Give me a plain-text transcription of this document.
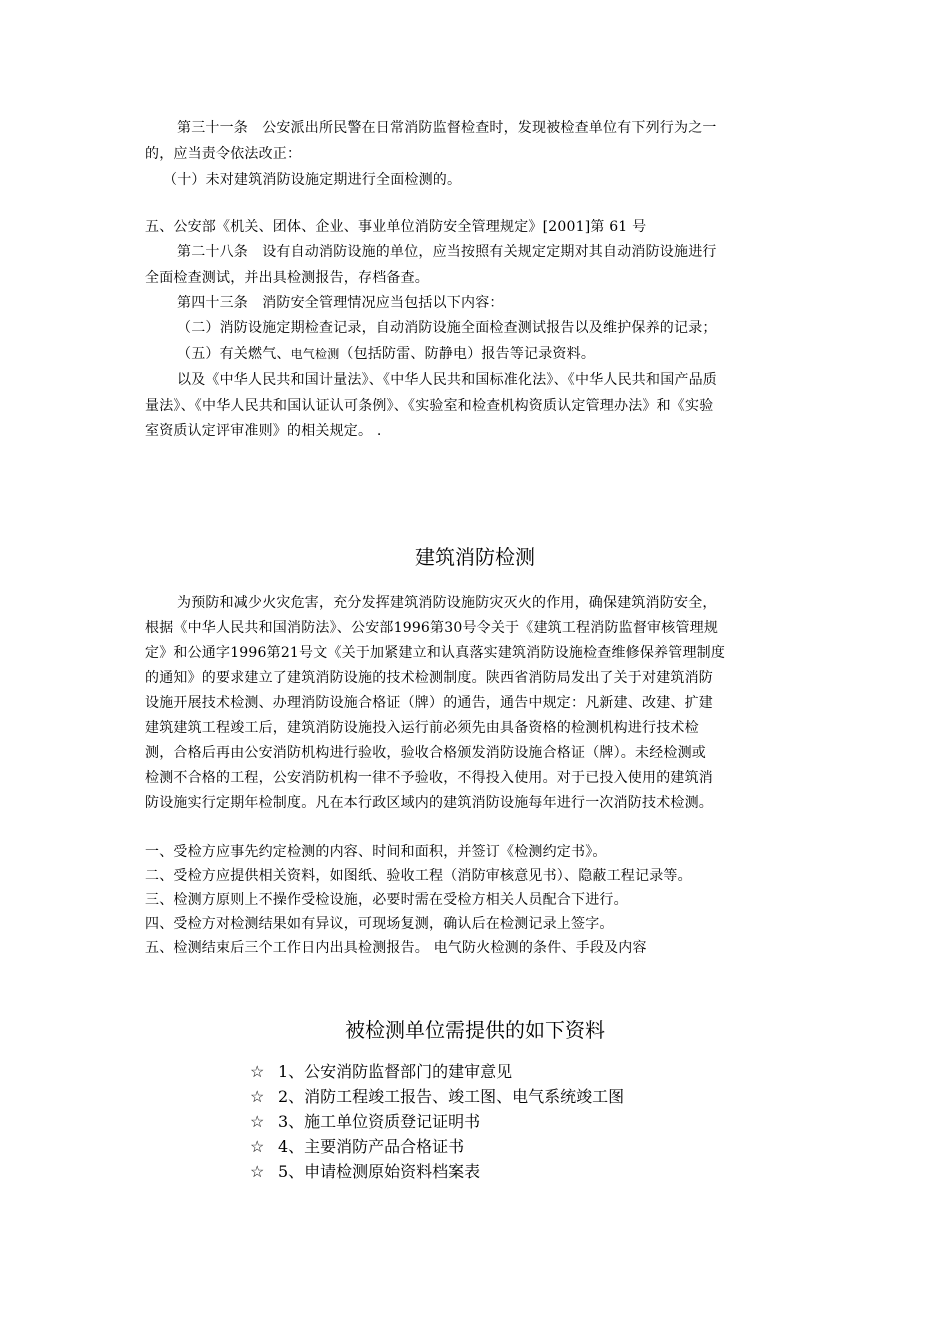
第三十一条　公安派出所民警在日常消防监督检查时，发现被检查单位有下列行为之一
的，应当责令依法改正：
（十）未对建筑消防设施定期进行全面检测的。
五、公安部《机关、团体、企业、事业单位消防安全管理规定》[2001]第 61 号
第二十八条　设有自动消防设施的单位，应当按照有关规定定期对其自动消防设施进行
全面检查测试，并出具检测报告，存档备查。
第四十三条　消防安全管理情况应当包括以下内容：
（二）消防设施定期检查记录，自动消防设施全面检查测试报告以及维护保养的记录；
（五）有关燃气、电气检测（包括防雷、防静电）报告等记录资料。
以及《中华人民共和国计量法》、《中华人民共和国标准化法》、《中华人民共和国产品质
量法》、《中华人民共和国认证认可条例》、《实验室和检查机构资质认定管理办法》和《实验
室资质认定评审准则》的相关规定。 .
建筑消防检测
为预防和减少火灾危害，充分发挥建筑消防设施防灾灭火的作用，确保建筑消防安全，
根据《中华人民共和国消防法》、公安部1996第30号令关于《建筑工程消防监督审核管理规
定》和公通字1996第21号文《关于加紧建立和认真落实建筑消防设施检查维修保养管理制度
的通知》的要求建立了建筑消防设施的技术检测制度。陕西省消防局发出了关于对建筑消防
设施开展技术检测、办理消防设施合格证（牌）的通告，通告中规定：凡新建、改建、扩建
建筑建筑工程竣工后，建筑消防设施投入运行前必须先由具备资格的检测机构进行技术检
测，合格后再由公安消防机构进行验收，验收合格颁发消防设施合格证（牌）。未经检测或
检测不合格的工程，公安消防机构一律不予验收，不得投入使用。对于已投入使用的建筑消
防设施实行定期年检制度。凡在本行政区域内的建筑消防设施每年进行一次消防技术检测。
一、受检方应事先约定检测的内容、时间和面积，并签订《检测约定书》。
二、受检方应提供相关资料，如图纸、验收工程（消防审核意见书）、隐蔽工程记录等。
三、检测方原则上不操作受检设施，必要时需在受检方相关人员配合下进行。
四、受检方对检测结果如有异议，可现场复测，确认后在检测记录上签字。
五、检测结束后三个工作日内出具检测报告。 电气防火检测的条件、手段及内容
被检测单位需提供的如下资料
☆ 1、公安消防监督部门的建审意见
☆ 2、消防工程竣工报告、竣工图、电气系统竣工图
☆ 3、施工单位资质登记证明书
☆ 4、主要消防产品合格证书
☆ 5、申请检测原始资料档案表
